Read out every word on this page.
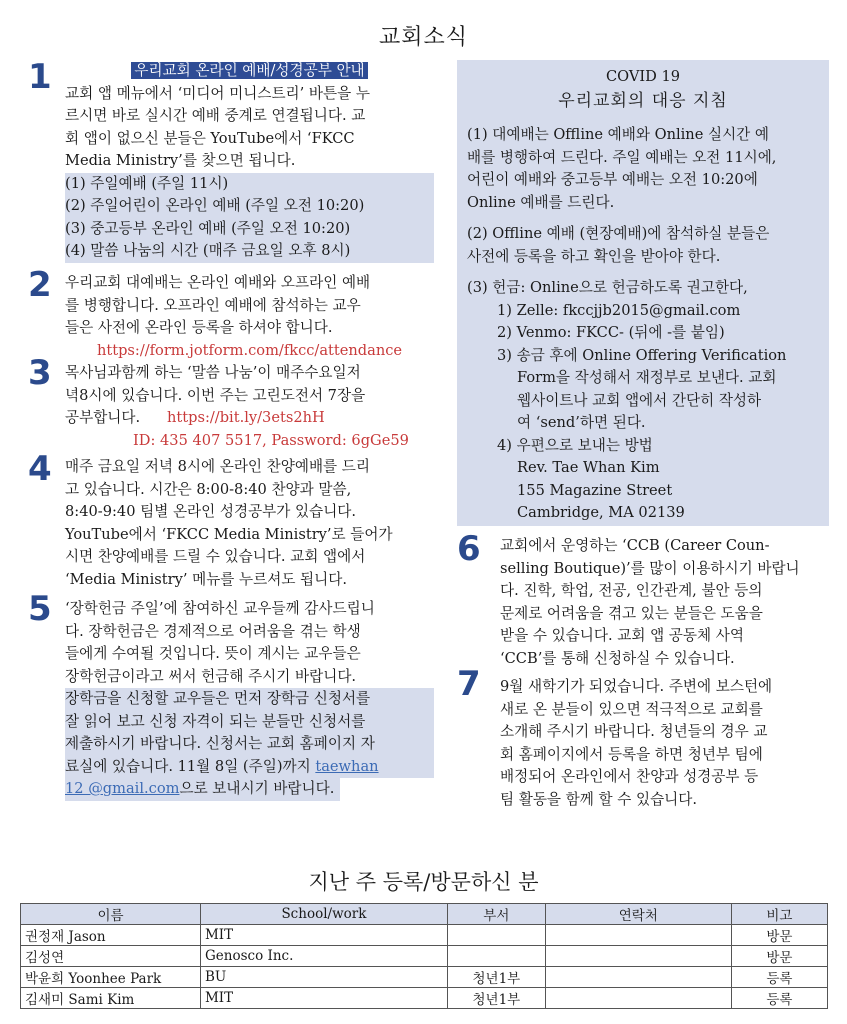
교회소식
1	우리교회 온라인 예배/성경공부 안내
교회 앱 메뉴에서 ‘미디어 미니스트리’ 바튼을 누
르시면 바로 실시간 예배 중계로 연결됩니다. 교
회 앱이 없으신 분들은 YouTube에서 ‘FKCC
Media Ministry’를 찾으면 됩니다.
(1) 주일예배 (주일 11시)
(2) 주일어린이 온라인 예배 (주일 오전 10:20)
(3) 중고등부 온라인 예배 (주일 오전 10:20)
(4) 말씀 나눔의 시간 (매주 금요일 오후 8시)
2 우리교회 대예배는 온라인 예배와 오프라인 예배
를 병행합니다. 오프라인 예배에 참석하는 교우
들은 사전에 온라인 등록을 하셔야 합니다.
https://form.jotform.com/fkcc/attendance
3 목사님과함께 하는 ‘말씀 나눔’이 매주수요일저
녁8시에 있습니다. 이번 주는 고린도전서 7장을
공부합니다.	https://bit.ly/3ets2hH
ID: 435 407 5517, Password: 6gGe59
4 매주 금요일 저녁 8시에 온라인 찬양예배를 드리
고 있습니다. 시간은 8:00-8:40 찬양과 말씀,
8:40-9:40 팀별 온라인 성경공부가 있습니다.
YouTube에서 ‘FKCC Media Ministry’로 들어가
시면 찬양예배를 드릴 수 있습니다. 교회 앱에서
‘Media Ministry’ 메뉴를 누르셔도 됩니다.
5 ‘장학헌금 주일’에 참여하신 교우들께 감사드립니
다. 장학헌금은 경제적으로 어려움을 겪는 학생
들에게 수여될 것입니다. 뜻이 계시는 교우들은
장학헌금이라고 써서 헌금해 주시기 바랍니다.
장학금을 신청할 교우들은 먼저 장학금 신청서를
잘 읽어 보고 신청 자격이 되는 분들만 신청서를
제출하시기 바랍니다. 신청서는 교회 홈페이지 자
료실에 있습니다. 11월 8일 (주일)까지 taewhan
12 @gmail.com으로 보내시기 바랍니다.
COVID 19
우리교회의 대응 지침
(1) 대예배는 Offline 예배와 Online 실시간 예
배를 병행하여 드린다. 주일 예배는 오전 11시에,
어린이 예배와 중고등부 예배는 오전 10:20에
Online 예배를 드린다.
(2) Offline 예배 (현장예배)에 참석하실 분들은
사전에 등록을 하고 확인을 받아야 한다.
(3) 헌금: Online으로 헌금하도록 권고한다,
1) Zelle: fkccjjb2015@gmail.com
2) Venmo: FKCC- (뒤에 -를 붙임)
3) 송금 후에 Online Offering Verification
Form을 작성해서 재정부로 보낸다. 교회
웹사이트나 교회 앱에서 간단히 작성하
여 ‘send’하면 된다.
4) 우편으로 보내는 방법
Rev. Tae Whan Kim
155 Magazine Street
Cambridge, MA 02139
6 교회에서 운영하는 ‘CCB (Career Coun-
selling Boutique)’를 많이 이용하시기 바랍니
다. 진학, 학업, 전공, 인간관계, 불안 등의
문제로 어려움을 겪고 있는 분들은 도움을
받을 수 있습니다. 교회 앱 공동체 사역
‘CCB’를 통해 신청하실 수 있습니다.
7 9월 새학기가 되었습니다. 주변에 보스턴에
새로 온 분들이 있으면 적극적으로 교회를
소개해 주시기 바랍니다. 청년들의 경우 교
회 홈페이지에서 등록을 하면 청년부 팀에
배정되어 온라인에서 찬양과 성경공부 등
팀 활동을 함께 할 수 있습니다.
지난 주 등록/방문하신 분
이름	School/work	부서	연락처	비고
권정재 Jason	MIT			방문
김성연	Genosco Inc.			방문
박윤희 Yoonhee Park	BU	청년1부		등록
김새미 Sami Kim	MIT	청년1부		등록
